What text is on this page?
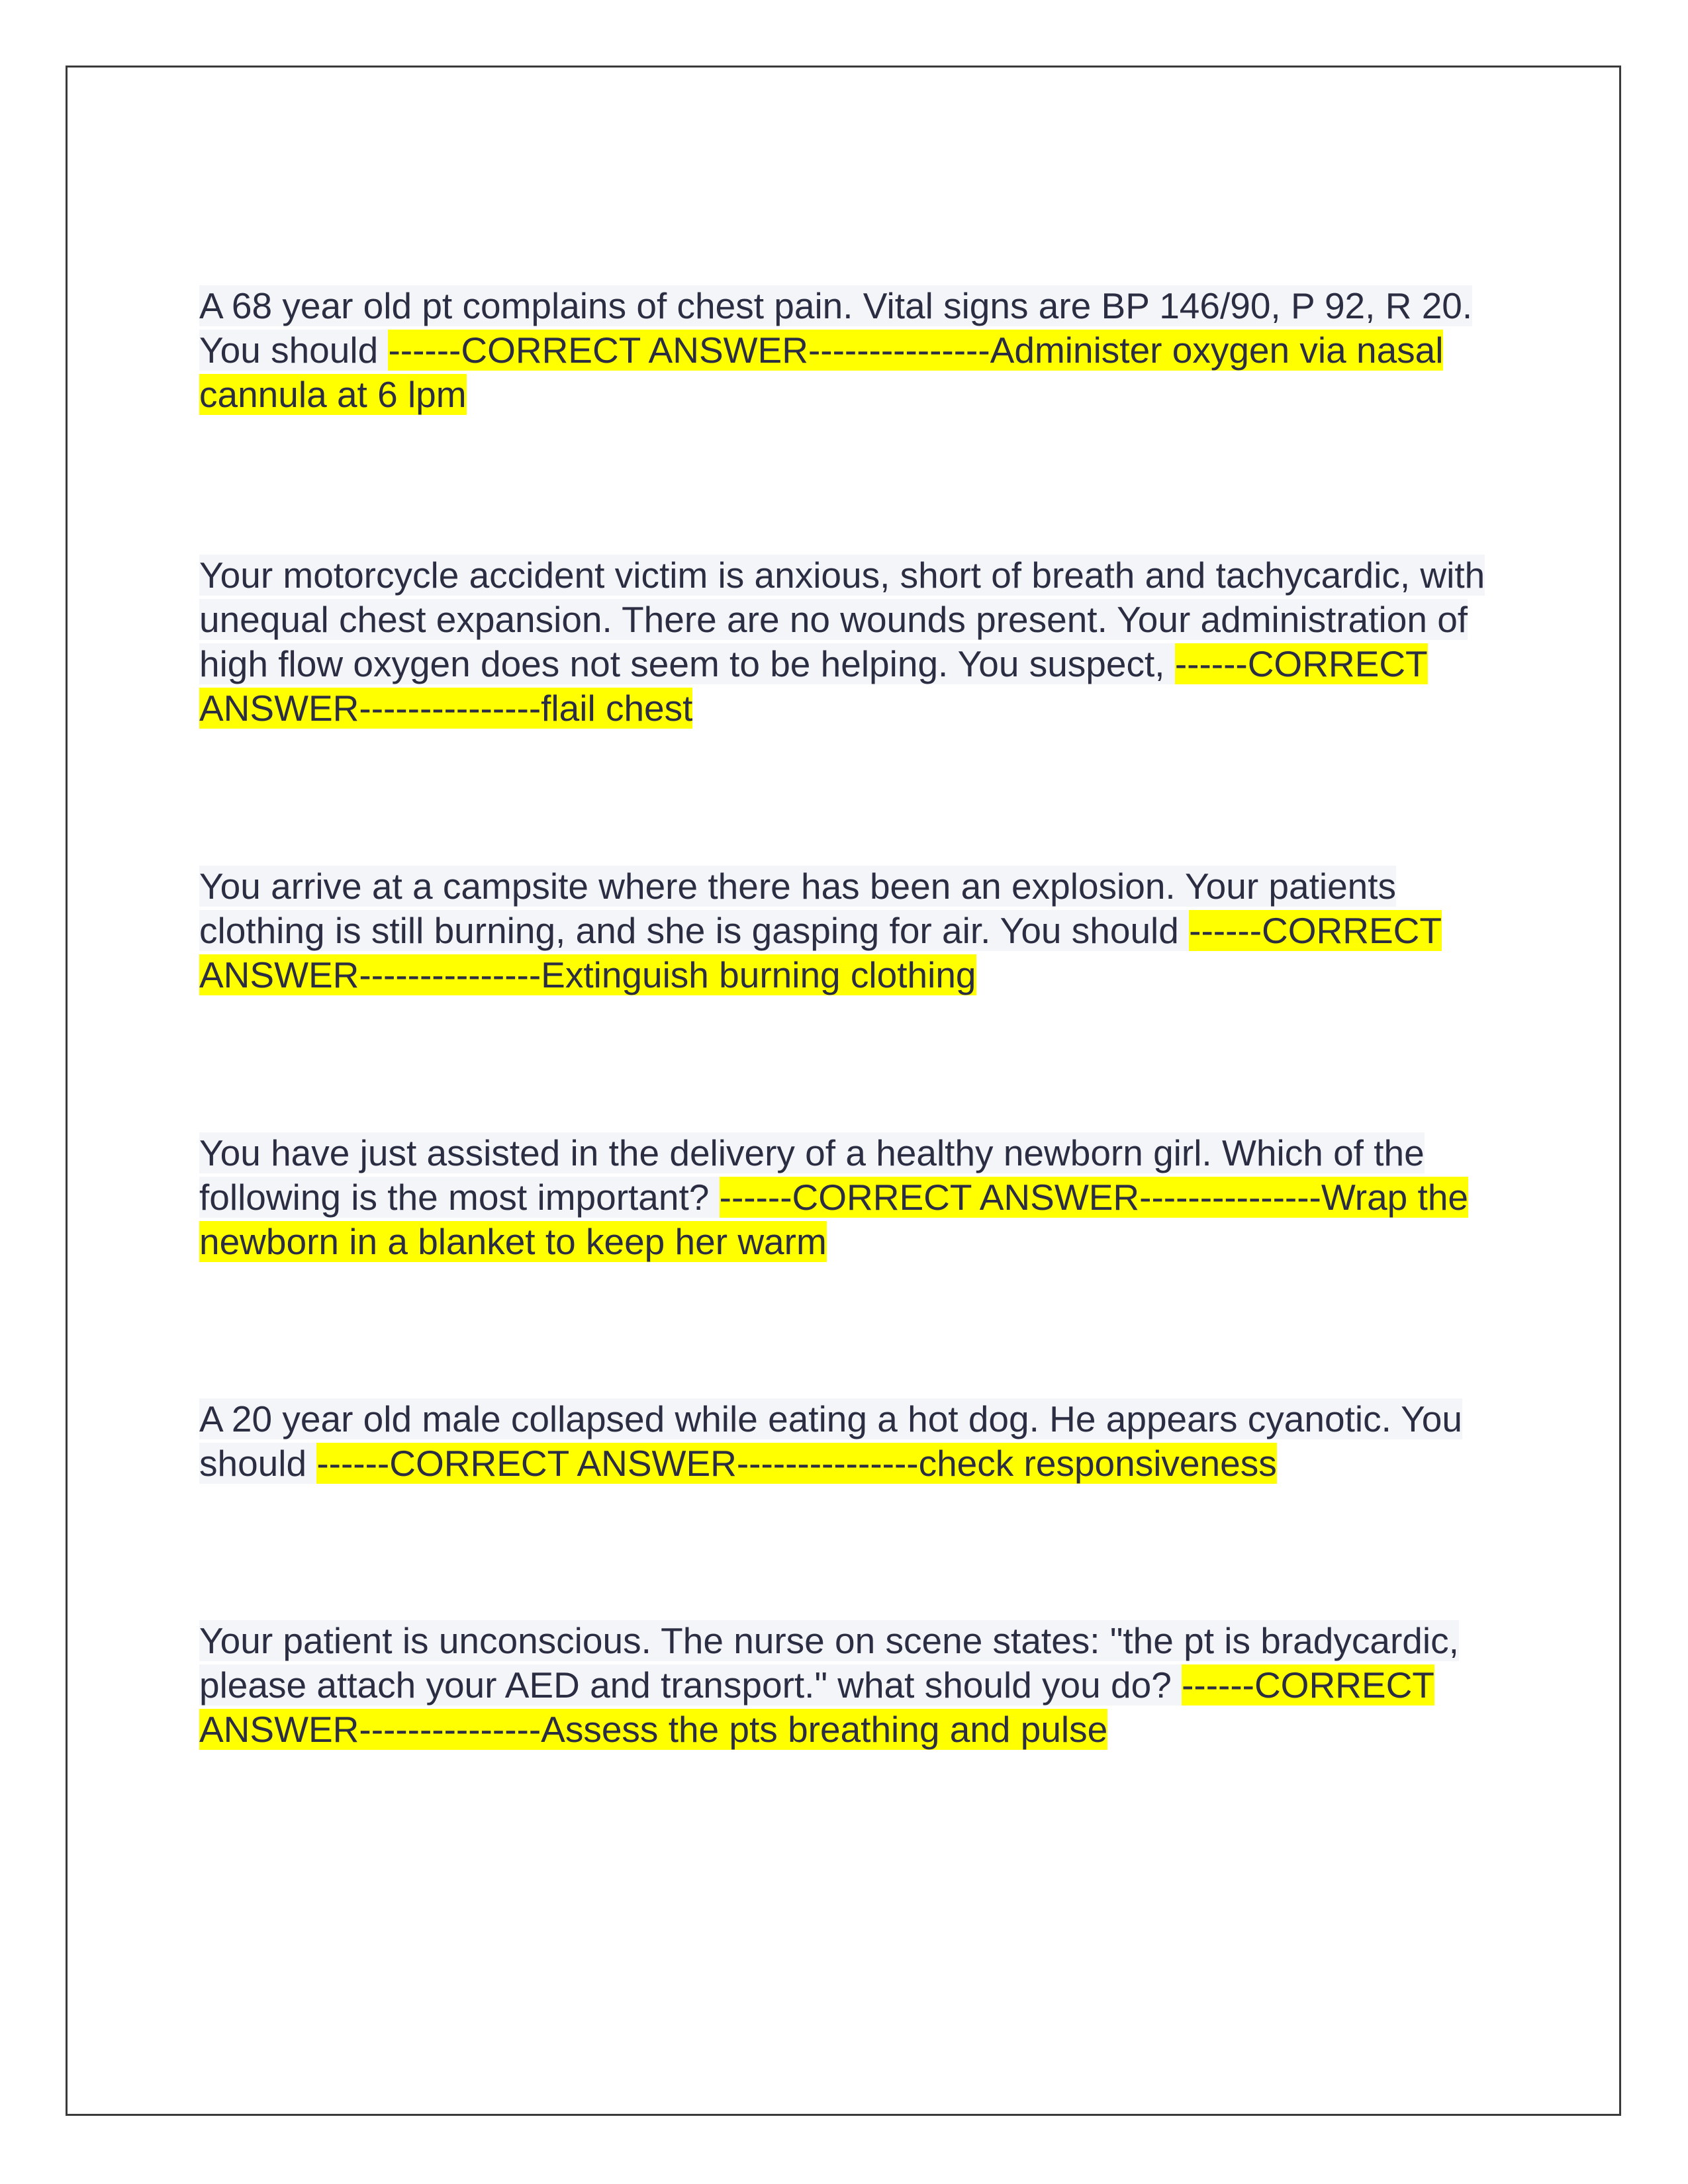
A 68 year old pt complains of chest pain. Vital signs are BP 146/90, P 92, R 20. You should ------CORRECT ANSWER---------------Administer oxygen via nasal cannula at 6 lpm

Your motorcycle accident victim is anxious, short of breath and tachycardic, with unequal chest expansion. There are no wounds present. Your administration of high flow oxygen does not seem to be helping. You suspect, ------CORRECT ANSWER---------------flail chest

You arrive at a campsite where there has been an explosion. Your patients clothing is still burning, and she is gasping for air. You should ------CORRECT ANSWER---------------Extinguish burning clothing

You have just assisted in the delivery of a healthy newborn girl. Which of the following is the most important? ------CORRECT ANSWER---------------Wrap the newborn in a blanket to keep her warm

A 20 year old male collapsed while eating a hot dog. He appears cyanotic. You should ------CORRECT ANSWER---------------check responsiveness

Your patient is unconscious. The nurse on scene states: "the pt is bradycardic, please attach your AED and transport." what should you do? ------CORRECT ANSWER---------------Assess the pts breathing and pulse
